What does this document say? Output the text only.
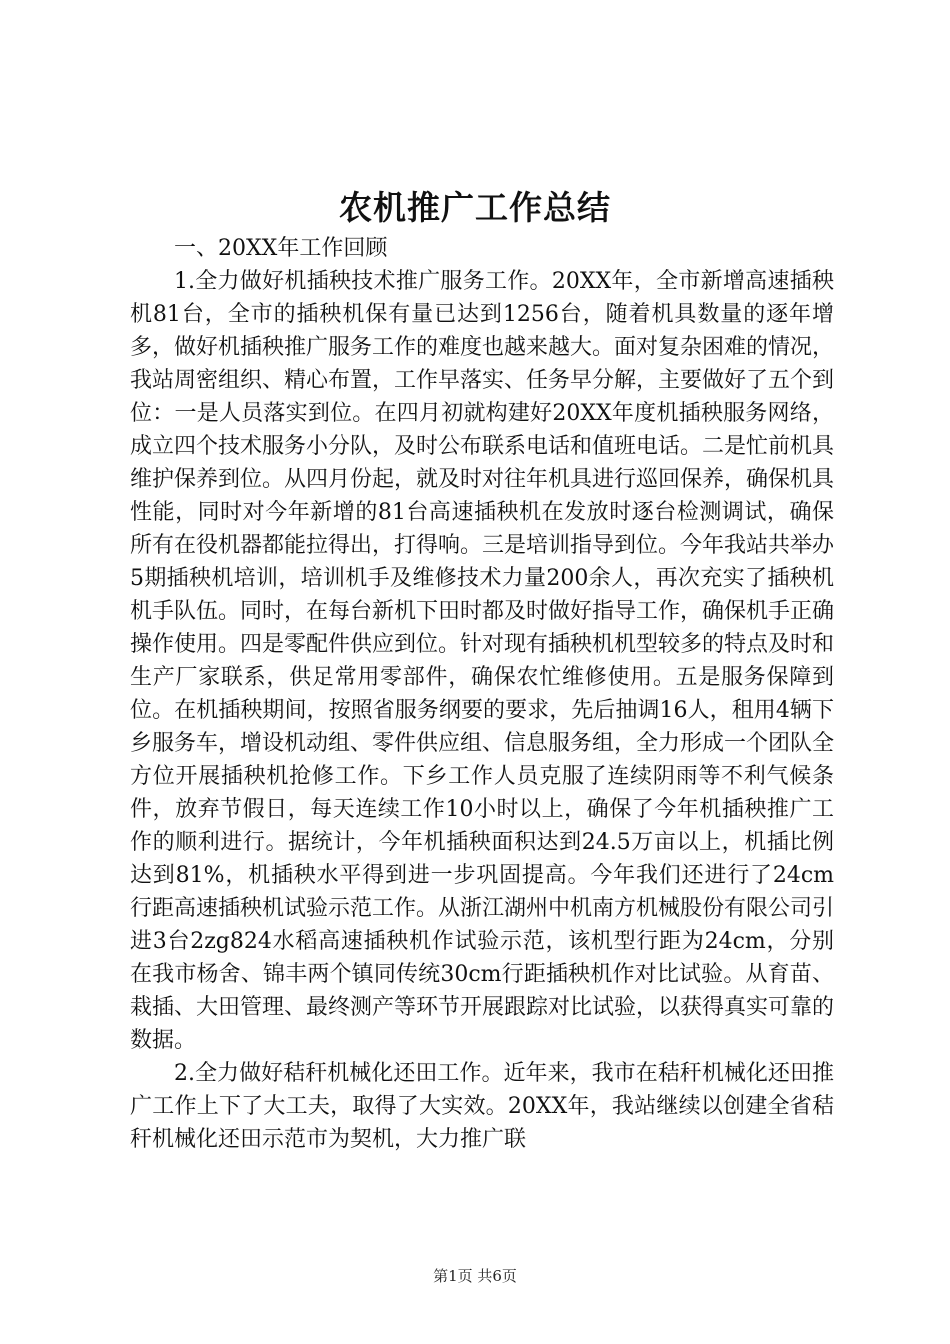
农机推广工作总结

一、20XX年工作回顾

1.全力做好机插秧技术推广服务工作。20XX年，全市新增高速插秧机81台，全市的插秧机保有量已达到1256台，随着机具数量的逐年增多，做好机插秧推广服务工作的难度也越来越大。面对复杂困难的情况，我站周密组织、精心布置，工作早落实、任务早分解，主要做好了五个到位：一是人员落实到位。在四月初就构建好20XX年度机插秧服务网络，成立四个技术服务小分队，及时公布联系电话和值班电话。二是忙前机具维护保养到位。从四月份起，就及时对往年机具进行巡回保养，确保机具性能，同时对今年新增的81台高速插秧机在发放时逐台检测调试，确保所有在役机器都能拉得出，打得响。三是培训指导到位。今年我站共举办5期插秧机培训，培训机手及维修技术力量200余人，再次充实了插秧机机手队伍。同时，在每台新机下田时都及时做好指导工作，确保机手正确操作使用。四是零配件供应到位。针对现有插秧机机型较多的特点及时和生产厂家联系，供足常用零部件，确保农忙维修使用。五是服务保障到位。在机插秧期间，按照省服务纲要的要求，先后抽调16人，租用4辆下乡服务车，增设机动组、零件供应组、信息服务组，全力形成一个团队全方位开展插秧机抢修工作。下乡工作人员克服了连续阴雨等不利气候条件，放弃节假日，每天连续工作10小时以上，确保了今年机插秧推广工作的顺利进行。据统计，今年机插秧面积达到24.5万亩以上，机插比例达到81%，机插秧水平得到进一步巩固提高。今年我们还进行了24cm行距高速插秧机试验示范工作。从浙江湖州中机南方机械股份有限公司引进3台2zg824水稻高速插秧机作试验示范，该机型行距为24cm，分别在我市杨舍、锦丰两个镇同传统30cm行距插秧机作对比试验。从育苗、栽插、大田管理、最终测产等环节开展跟踪对比试验，以获得真实可靠的数据。

2.全力做好秸秆机械化还田工作。近年来，我市在秸秆机械化还田推广工作上下了大工夫，取得了大实效。20XX年，我站继续以创建全省秸秆机械化还田示范市为契机，大力推广联

第1页 共6页
